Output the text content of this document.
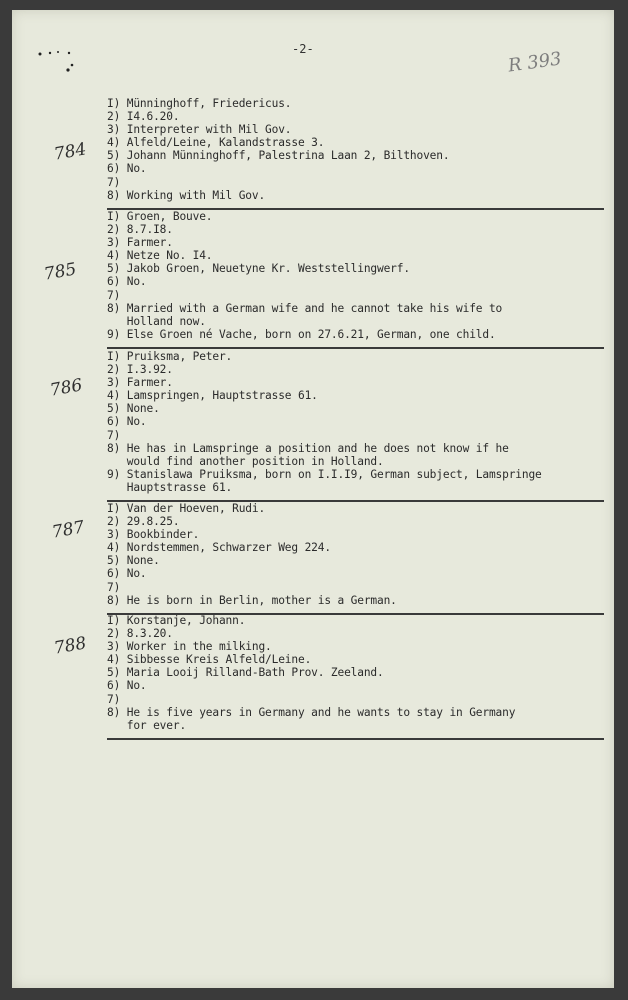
-2-	R 393
784
I) Münninghoff, Friedericus.
2) I4.6.20.
3) Interpreter with Mil Gov.
4) Alfeld/Leine, Kalandstrasse 3.
5) Johann Münninghoff, Palestrina Laan 2, Bilthoven.
6) No.
7)
8) Working with Mil Gov.
785
I) Groen, Bouve.
2) 8.7.I8.
3) Farmer.
4) Netze No. I4.
5) Jakob Groen, Neuetyne Kr. Weststellingwerf.
6) No.
7)
8) Married with a German wife and he cannot take his wife to
Holland now.
9) Else Groen né Vache, born on 27.6.21, German, one child.
786
I) Pruiksma, Peter.
2) I.3.92.
3) Farmer.
4) Lamspringen, Hauptstrasse 61.
5) None.
6) No.
7)
8) He has in Lamspringe a position and he does not know if he
would find another position in Holland.
9) Stanislawa Pruiksma, born on I.I.I9, German subject, Lamspringe
Hauptstrasse 61.
787
I) Van der Hoeven, Rudi.
2) 29.8.25.
3) Bookbinder.
4) Nordstemmen, Schwarzer Weg 224.
5) None.
6) No.
7)
8) He is born in Berlin, mother is a German.
788
I) Korstanje, Johann.
2) 8.3.20.
3) Worker in the milking.
4) Sibbesse Kreis Alfeld/Leine.
5) Maria Looij Rilland-Bath Prov. Zeeland.
6) No.
7)
8) He is five years in Germany and he wants to stay in Germany
for ever.
